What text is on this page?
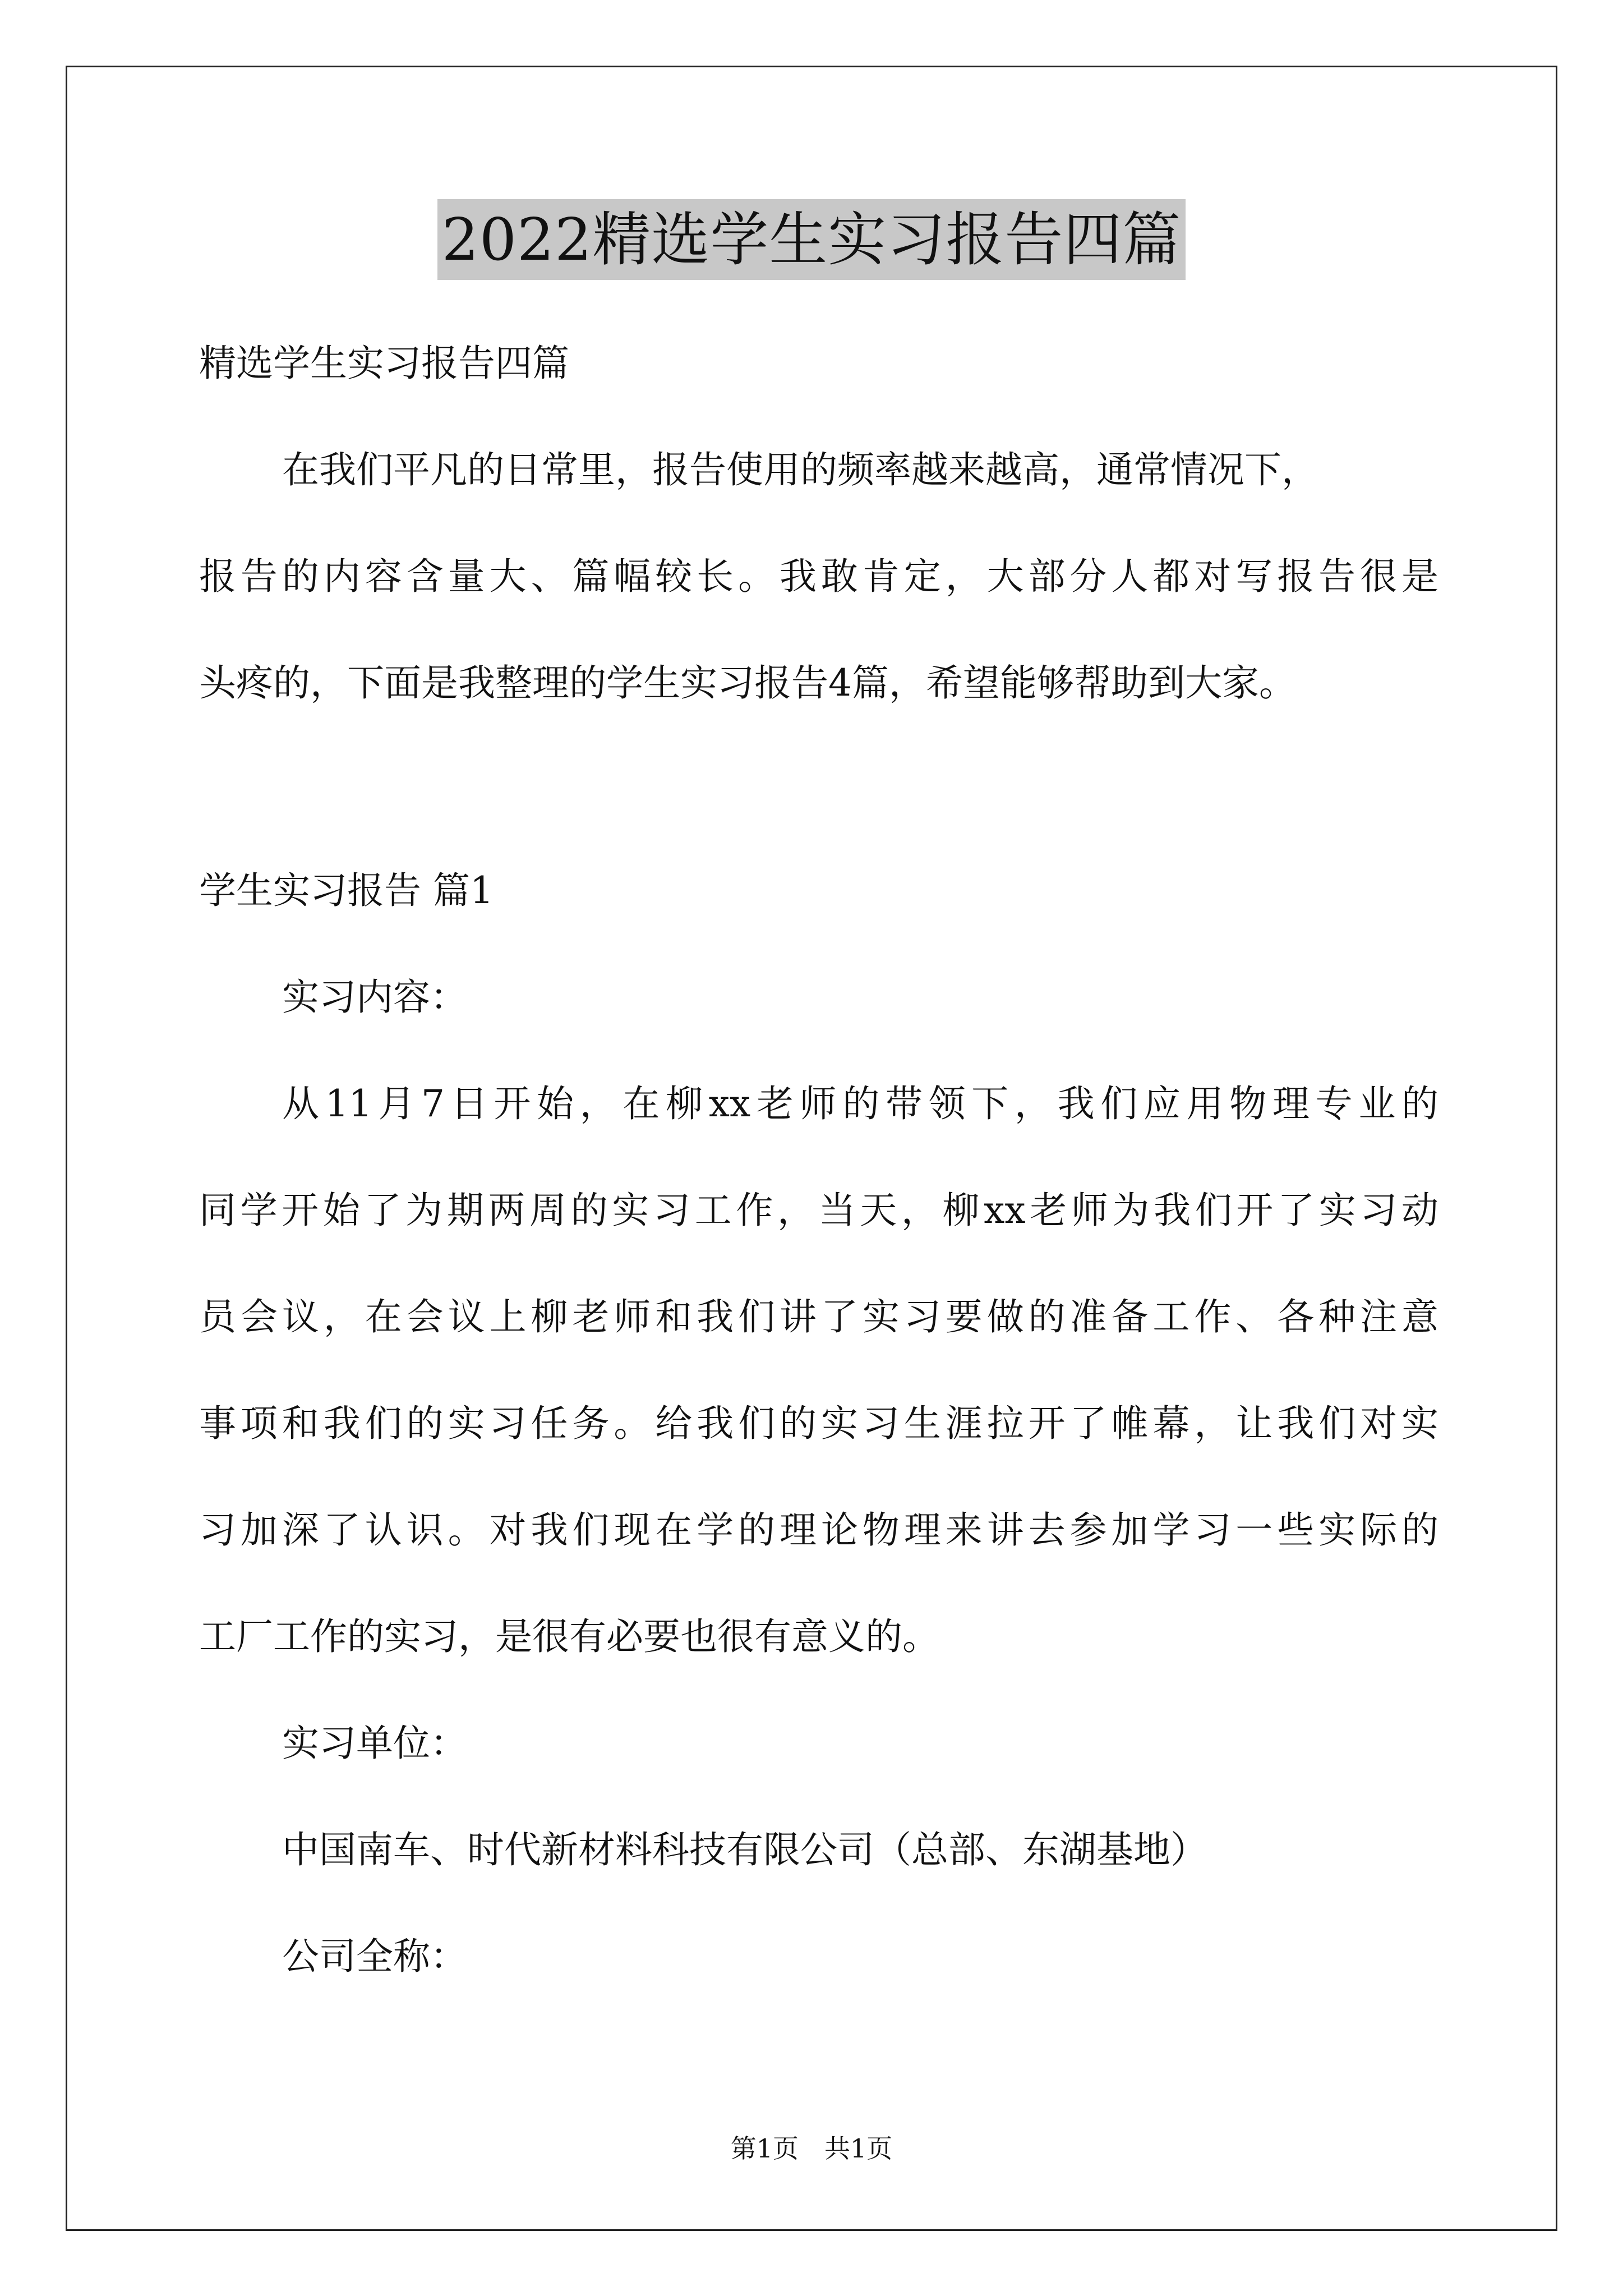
2022精选学生实习报告四篇
精选学生实习报告四篇
在我们平凡的日常里，报告使用的频率越来越高，通常情况下，
报告的内容含量大、篇幅较长。我敢肯定，大部分人都对写报告很是
头疼的，下面是我整理的学生实习报告4篇，希望能够帮助到大家。
学生实习报告 篇1
实习内容：
从11月7日开始，在柳xx老师的带领下，我们应用物理专业的
同学开始了为期两周的实习工作，当天，柳xx老师为我们开了实习动
员会议，在会议上柳老师和我们讲了实习要做的准备工作、各种注意
事项和我们的实习任务。给我们的实习生涯拉开了帷幕，让我们对实
习加深了认识。对我们现在学的理论物理来讲去参加学习一些实际的
工厂工作的实习，是很有必要也很有意义的。
实习单位：
中国南车、时代新材料科技有限公司（总部、东湖基地）
公司全称：
第1页　共1页
